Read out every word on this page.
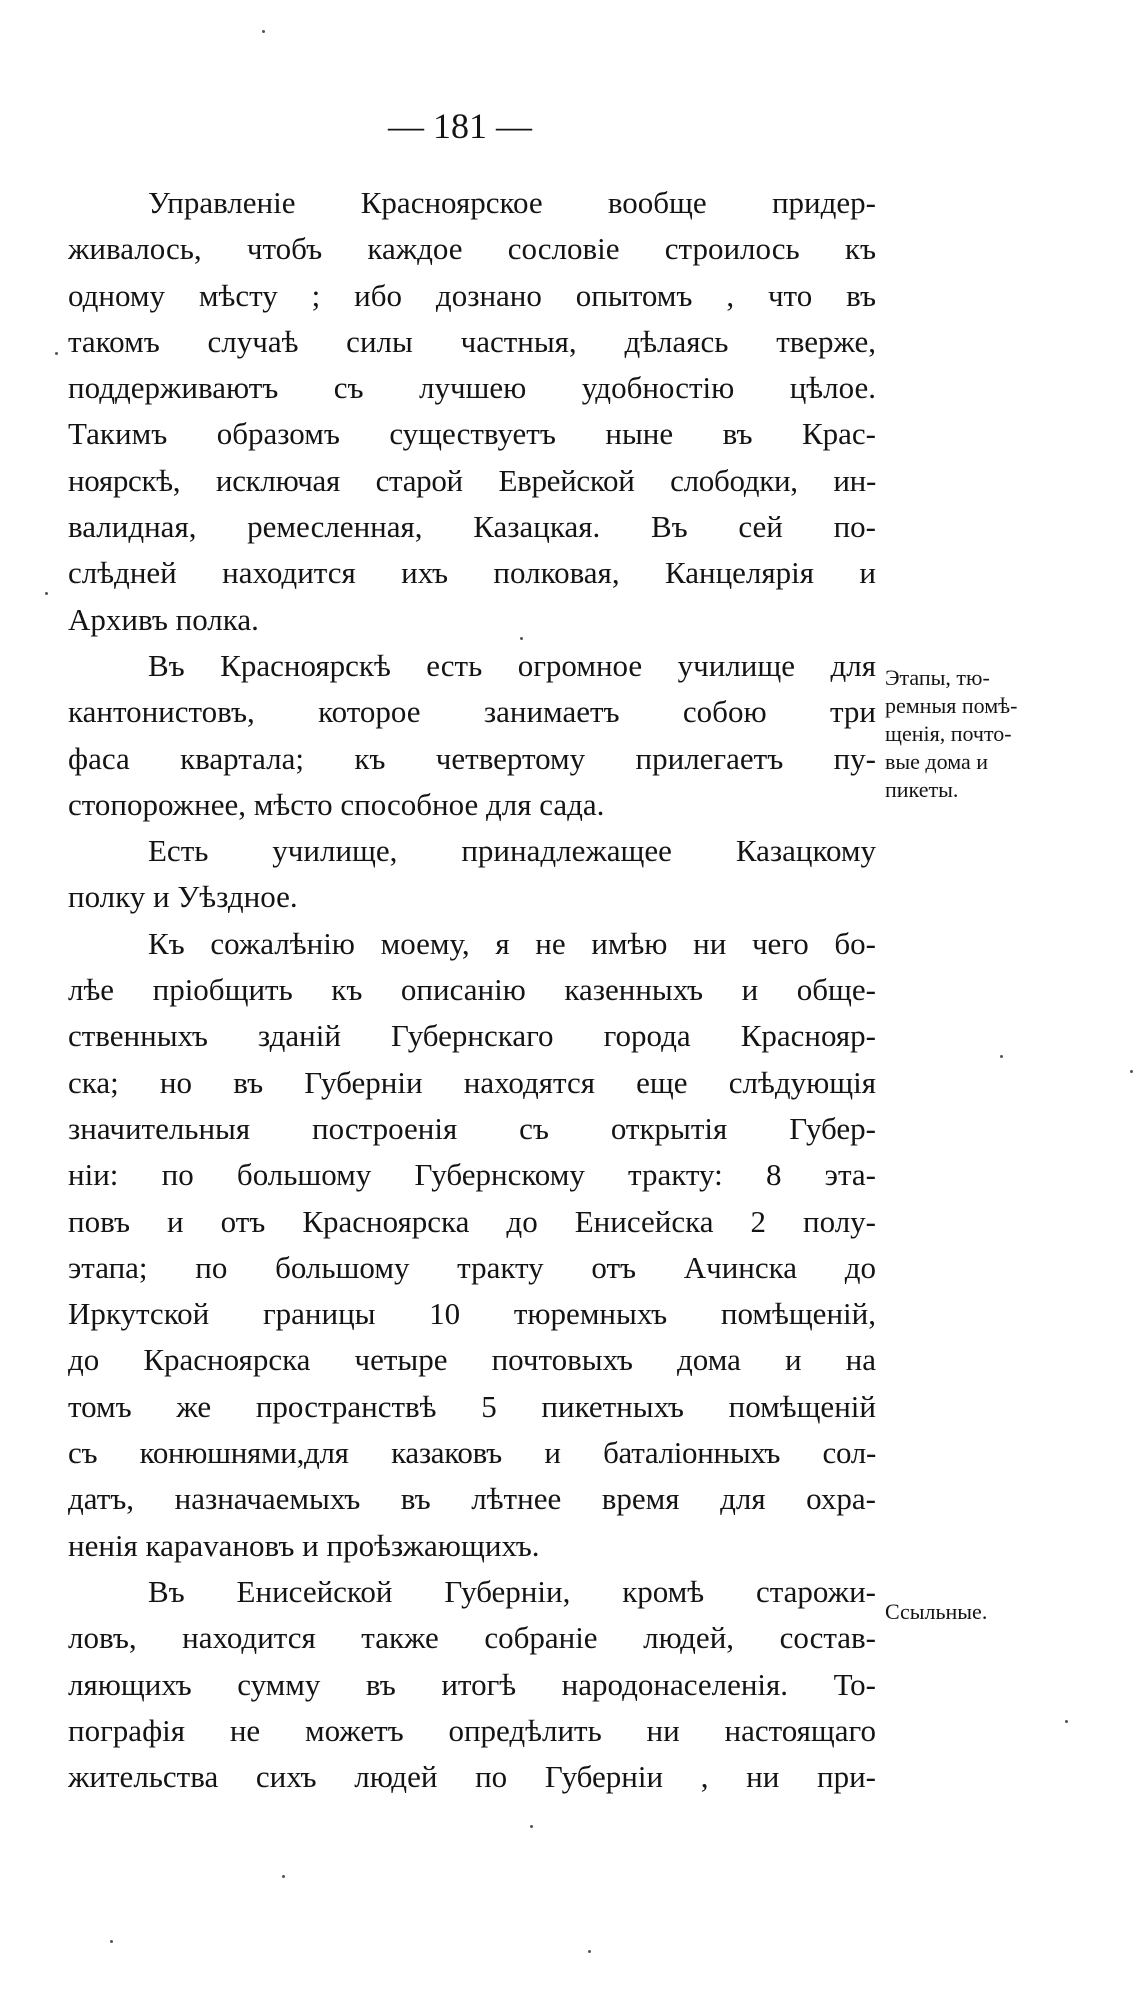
— 181 —
Управленіе Красноярское вообще придер-
живалось, чтобъ каждое сословіе строилось къ
одному мѣсту ; ибо дознано опытомъ , что въ
такомъ случаѣ силы частныя, дѣлаясь тверже,
поддерживаютъ съ лучшею удобностію цѣлое.
Такимъ образомъ существуетъ ныне въ Крас-
ноярскѣ, исключая старой Еврейской слободки, ин-
валидная, ремесленная, Казацкая. Въ сей по-
слѣдней находится ихъ полковая, Канцелярія и
Архивъ полка.
Въ Красноярскѣ есть огромное училище для
кантонистовъ, которое занимаетъ собою три
фаса квартала; къ четвертому прилегаетъ пу-
стопорожнее, мѣсто способное для сада.
Есть училище, принадлежащее Казацкому
полку и Уѣздное.
Къ сожалѣнію моему, я не имѣю ни чего бо-
лѣе пріобщить къ описанію казенныхъ и обще-
ственныхъ зданій Губернскаго города Краснояр-
ска; но въ Губерніи находятся еще слѣдующія
значительныя построенія съ открытія Губер-
ніи: по большому Губернскому тракту: 8 эта-
повъ и отъ Красноярска до Енисейска 2 полу-
этапа; по большому тракту отъ Ачинска до
Иркутской границы 10 тюремныхъ помѣщеній,
до Красноярска четыре почтовыхъ дома и на
томъ же пространствѣ 5 пикетныхъ помѣщеній
съ конюшнями,для казаковъ и баталіонныхъ сол-
датъ, назначаемыхъ въ лѣтнее время для охра-
ненія карavановъ и проѣзжающихъ.
Въ Енисейской Губерніи, кромѣ старожи-
ловъ, находится также собраніе людей, состав-
ляющихъ сумму въ итогѣ народонаселенія. То-
пографія не можетъ опредѣлить ни настоящаго
жительства сихъ людей по Губерніи , ни при-
Этапы, тю-
ремныя помѣ-
щенія, почто-
вые дома и
пикеты.
Ссыльные.
